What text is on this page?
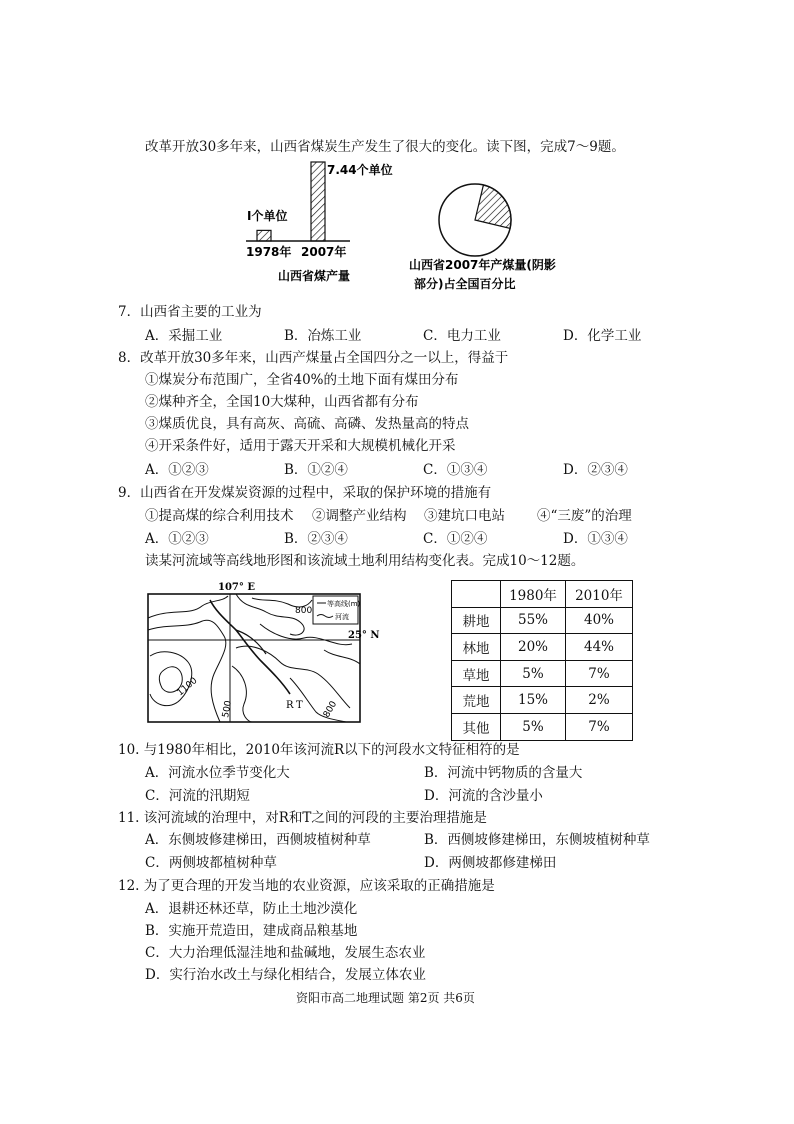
改革开放30多年来，山西省煤炭生产发生了很大的变化。读下图，完成7～9题。
I个单位
7.44个单位
1978年 2007年
山西省煤产量
山西省2007年产煤量(阴影
部分)占全国百分比
7．山西省主要的工业为
A．采掘工业	B．冶炼工业	C．电力工业	D．化学工业
8．改革开放30多年来，山西产煤量占全国四分之一以上，得益于
①煤炭分布范围广，全省40%的土地下面有煤田分布
②煤种齐全，全国10大煤种，山西省都有分布
③煤质优良，具有高灰、高硫、高磷、发热量高的特点
④开采条件好，适用于露天开采和大规模机械化开采
A．①②③	B．①②④	C．①③④	D．②③④
9．山西省在开发煤炭资源的过程中，采取的保护环境的措施有
①提高煤的综合利用技术 ②调整产业结构 ③建坑口电站 ④“三废”的治理
A．①②③	B．②③④	C．①②④	D．①③④
读某河流域等高线地形图和该流域土地利用结构变化表。完成10～12题。
等高线(m)
河流
107° E
25° N
800
1100
500	800
R T
	1980年	2010年
耕地	55%	40%
林地	20%	44%
草地	5%	7%
荒地	15%	2%
其他	5%	7%
10. 与1980年相比，2010年该河流R以下的河段水文特征相符的是
A．河流水位季节变化大	B．河流中钙物质的含量大
C．河流的汛期短	D．河流的含沙量小
11. 该河流域的治理中，对R和T之间的河段的主要治理措施是
A．东侧坡修建梯田，西侧坡植树种草	B．西侧坡修建梯田，东侧坡植树种草
C．两侧坡都植树种草	D．两侧坡都修建梯田
12. 为了更合理的开发当地的农业资源，应该采取的正确措施是
A．退耕还林还草，防止土地沙漠化
B．实施开荒造田，建成商品粮基地
C．大力治理低湿洼地和盐碱地，发展生态农业
D．实行治水改土与绿化相结合，发展立体农业
资阳市高二地理试题 第2页 共6页
